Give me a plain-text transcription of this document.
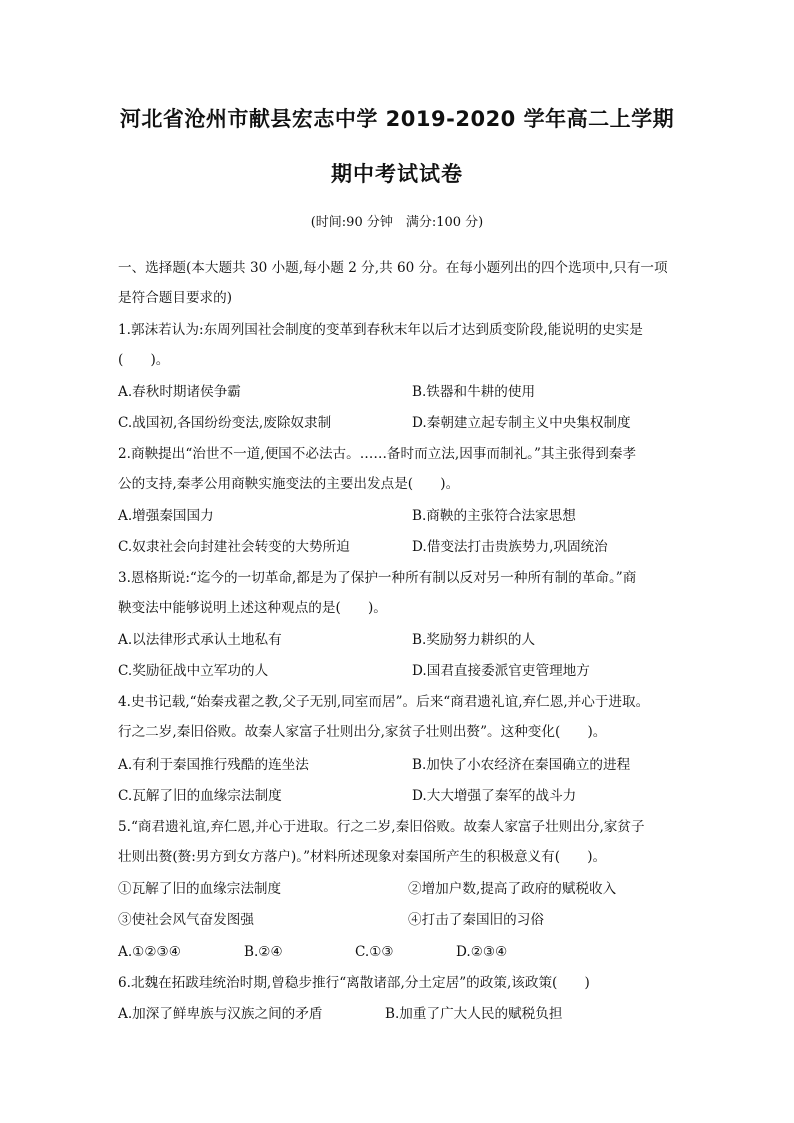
河北省沧州市献县宏志中学 2019-2020 学年高二上学期
期中考试试卷

(时间:90 分钟　满分:100 分)

一、选择题(本大题共 30 小题,每小题 2 分,共 60 分。在每小题列出的四个选项中,只有一项

是符合题目要求的)

1.郭沫若认为:东周列国社会制度的变革到春秋末年以后才达到质变阶段,能说明的史实是

(　　)。

A.春秋时期诸侯争霸	B.铁器和牛耕的使用

C.战国初,各国纷纷变法,废除奴隶制	D.秦朝建立起专制主义中央集权制度

2.商鞅提出“治世不一道,便国不必法古。……备时而立法,因事而制礼。”其主张得到秦孝

公的支持,秦孝公用商鞅实施变法的主要出发点是(　　)。

A.增强秦国国力	B.商鞅的主张符合法家思想

C.奴隶社会向封建社会转变的大势所迫	D.借变法打击贵族势力,巩固统治

3.恩格斯说:“迄今的一切革命,都是为了保护一种所有制以反对另一种所有制的革命。”商

鞅变法中能够说明上述这种观点的是(　　)。

A.以法律形式承认土地私有	B.奖励努力耕织的人

C.奖励征战中立军功的人	D.国君直接委派官吏管理地方

4.史书记载,“始秦戎翟之教,父子无别,同室而居”。后来“商君遗礼谊,弃仁恩,并心于进取。

行之二岁,秦旧俗败。故秦人家富子壮则出分,家贫子壮则出赘”。这种变化(　　)。

A.有利于秦国推行残酷的连坐法	B.加快了小农经济在秦国确立的进程

C.瓦解了旧的血缘宗法制度	D.大大增强了秦军的战斗力

5.“商君遗礼谊,弃仁恩,并心于进取。行之二岁,秦旧俗败。故秦人家富子壮则出分,家贫子

壮则出赘(赘:男方到女方落户)。”材料所述现象对秦国所产生的积极意义有(　　)。

①瓦解了旧的血缘宗法制度	②增加户数,提高了政府的赋税收入

③使社会风气奋发图强	④打击了秦国旧的习俗

A.①②③④	B.②④	C.①③	D.②③④

6.北魏在拓跋珪统治时期,曾稳步推行“离散诸部,分土定居”的政策,该政策(　　)

A.加深了鲜卑族与汉族之间的矛盾	B.加重了广大人民的赋税负担
